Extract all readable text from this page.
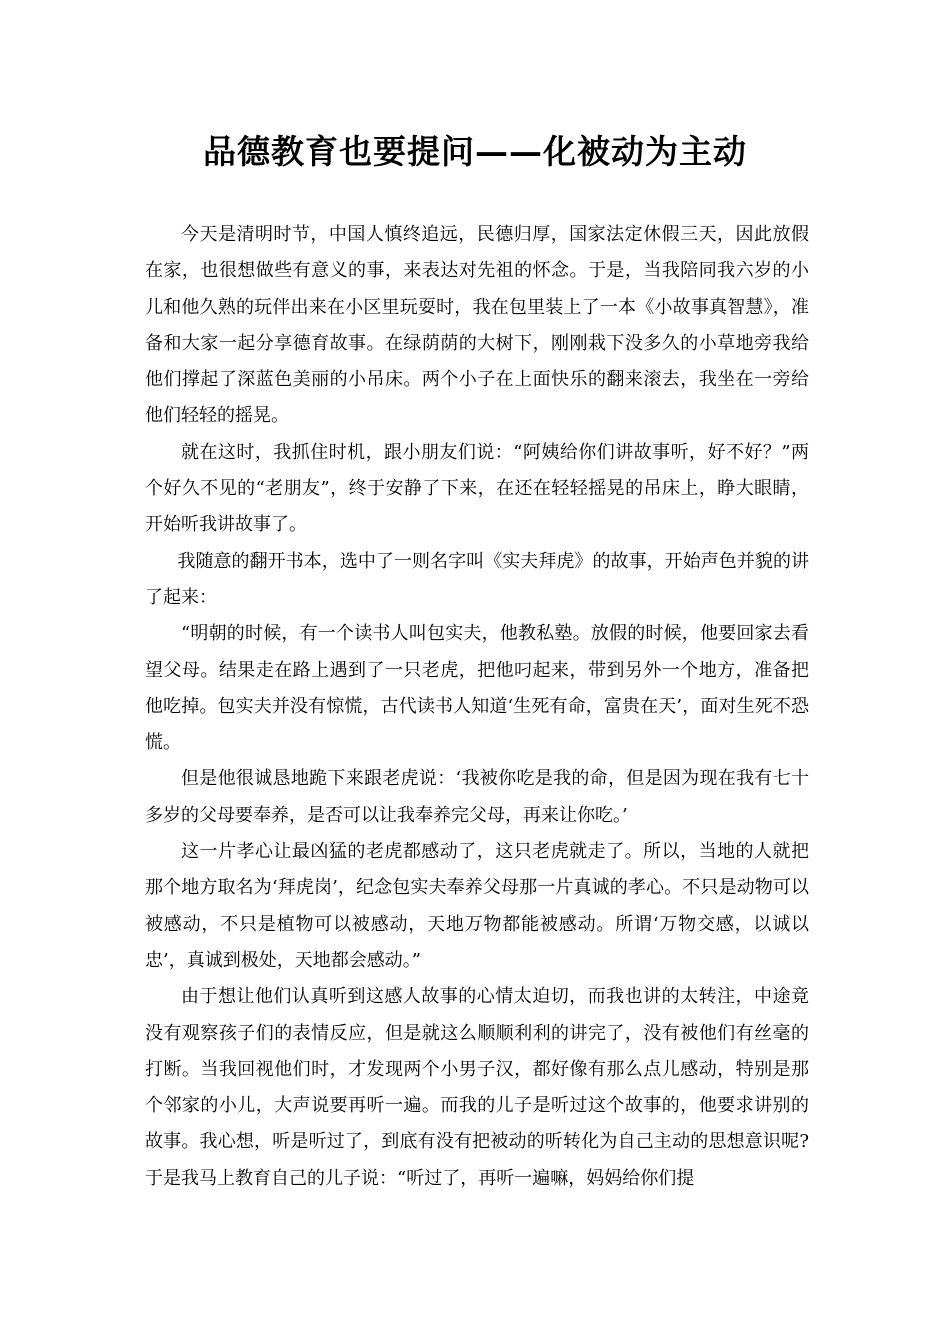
品德教育也要提问——化被动为主动

今天是清明时节，中国人慎终追远，民德归厚，国家法定休假三天，因此放假在家，也很想做些有意义的事，来表达对先祖的怀念。于是，当我陪同我六岁的小儿和他久熟的玩伴出来在小区里玩耍时，我在包里装上了一本《小故事真智慧》，准备和大家一起分享德育故事。在绿荫荫的大树下，刚刚栽下没多久的小草地旁我给他们撑起了深蓝色美丽的小吊床。两个小子在上面快乐的翻来滚去，我坐在一旁给他们轻轻的摇晃。

就在这时，我抓住时机，跟小朋友们说：“阿姨给你们讲故事听，好不好？”两个好久不见的“老朋友”，终于安静了下来，在还在轻轻摇晃的吊床上，睁大眼睛，开始听我讲故事了。

我随意的翻开书本，选中了一则名字叫《实夫拜虎》的故事，开始声色并貌的讲了起来：

“明朝的时候，有一个读书人叫包实夫，他教私塾。放假的时候，他要回家去看望父母。结果走在路上遇到了一只老虎，把他叼起来，带到另外一个地方，准备把他吃掉。包实夫并没有惊慌，古代读书人知道‘生死有命，富贵在天’，面对生死不恐慌。

但是他很诚恳地跪下来跟老虎说：‘我被你吃是我的命，但是因为现在我有七十多岁的父母要奉养，是否可以让我奉养完父母，再来让你吃。’

这一片孝心让最凶猛的老虎都感动了，这只老虎就走了。所以，当地的人就把那个地方取名为‘拜虎岗’，纪念包实夫奉养父母那一片真诚的孝心。不只是动物可以被感动，不只是植物可以被感动，天地万物都能被感动。所谓‘万物交感，以诚以忠’，真诚到极处，天地都会感动。”

由于想让他们认真听到这感人故事的心情太迫切，而我也讲的太转注，中途竟没有观察孩子们的表情反应，但是就这么顺顺利利的讲完了，没有被他们有丝毫的打断。当我回视他们时，才发现两个小男子汉，都好像有那么点儿感动，特别是那个邻家的小儿，大声说要再听一遍。而我的儿子是听过这个故事的，他要求讲别的故事。我心想，听是听过了，到底有没有把被动的听转化为自己主动的思想意识呢?于是我马上教育自己的儿子说：“听过了，再听一遍嘛，妈妈给你们提
